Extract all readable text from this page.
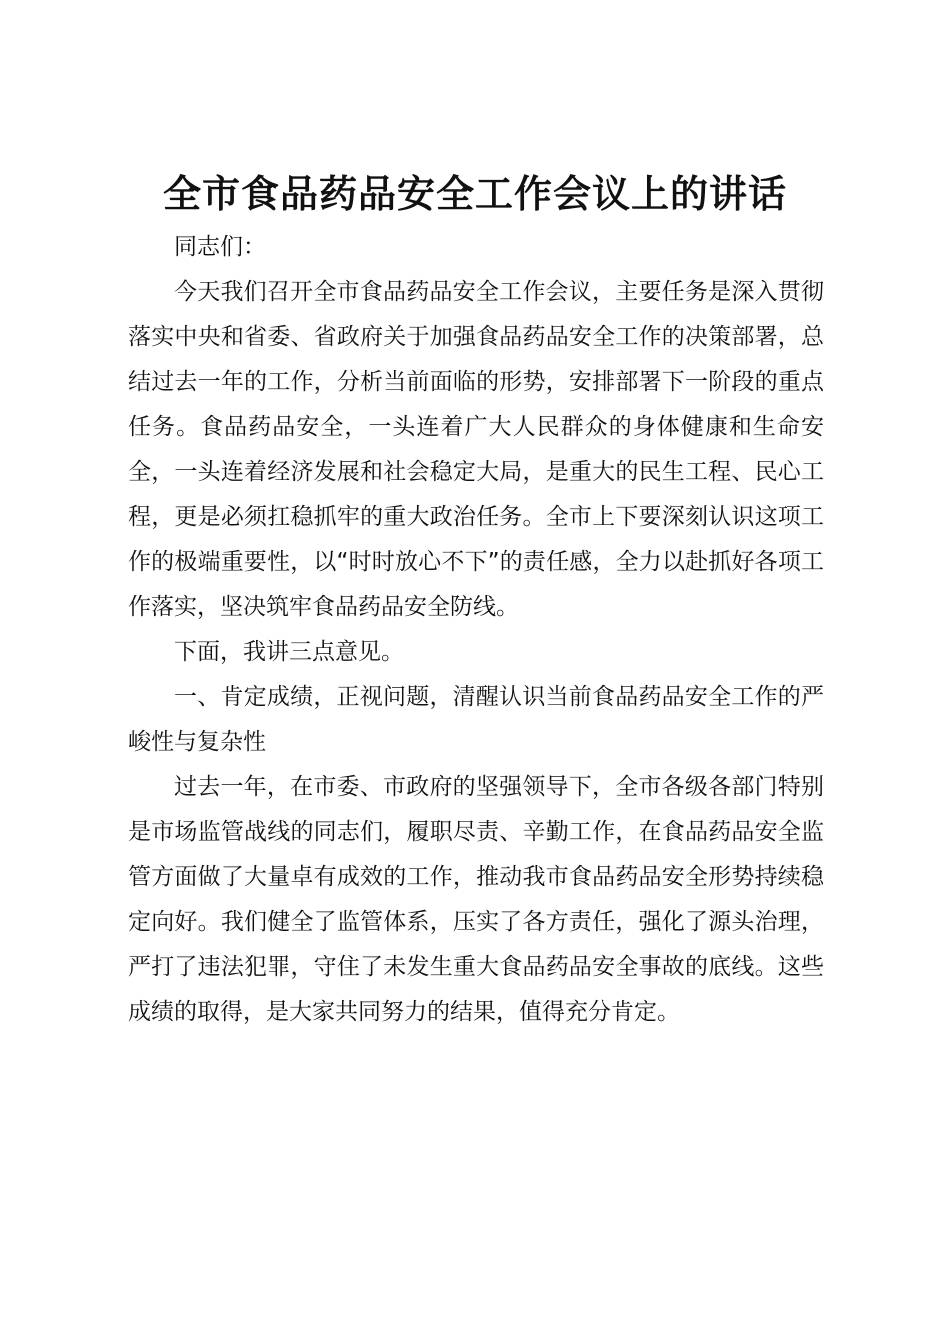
全市食品药品安全工作会议上的讲话

同志们：

今天我们召开全市食品药品安全工作会议，主要任务是深入贯彻落实中央和省委、省政府关于加强食品药品安全工作的决策部署，总结过去一年的工作，分析当前面临的形势，安排部署下一阶段的重点任务。食品药品安全，一头连着广大人民群众的身体健康和生命安全，一头连着经济发展和社会稳定大局，是重大的民生工程、民心工程，更是必须扛稳抓牢的重大政治任务。全市上下要深刻认识这项工作的极端重要性，以“时时放心不下”的责任感，全力以赴抓好各项工作落实，坚决筑牢食品药品安全防线。

下面，我讲三点意见。

一、肯定成绩，正视问题，清醒认识当前食品药品安全工作的严峻性与复杂性

过去一年，在市委、市政府的坚强领导下，全市各级各部门特别是市场监管战线的同志们，履职尽责、辛勤工作，在食品药品安全监管方面做了大量卓有成效的工作，推动我市食品药品安全形势持续稳定向好。我们健全了监管体系，压实了各方责任，强化了源头治理，严打了违法犯罪，守住了未发生重大食品药品安全事故的底线。这些成绩的取得，是大家共同努力的结果，值得充分肯定。
